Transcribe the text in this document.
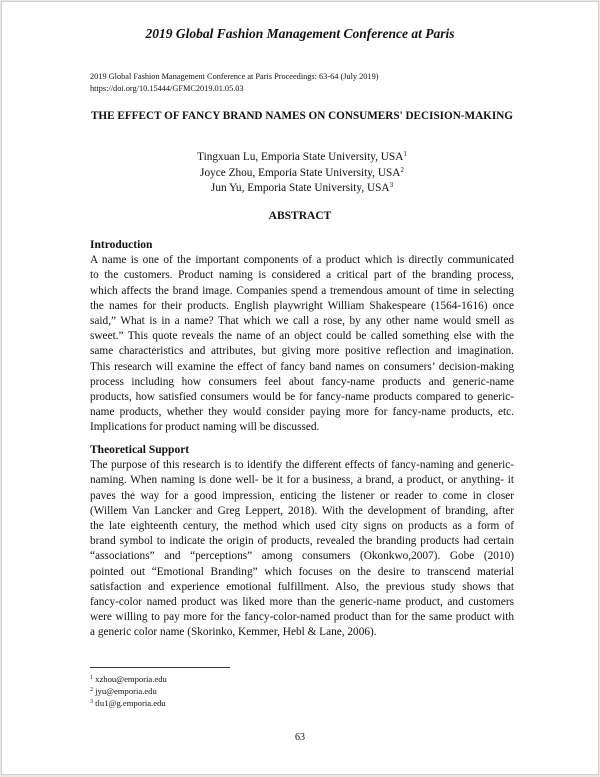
2019 Global Fashion Management Conference at Paris
2019 Global Fashion Management Conference at Paris Proceedings: 63-64 (July 2019)
https://doi.org/10.15444/GFMC2019.01.05.03
THE EFFECT OF FANCY BRAND NAMES ON CONSUMERS' DECISION-MAKING
Tingxuan Lu, Emporia State University, USA$^1$
Joyce Zhou, Emporia State University, USA$^2$
Jun Yu, Emporia State University, USA$^3$
ABSTRACT
Introduction
A name is one of the important components of a product which is directly communicated
to the customers. Product naming is considered a critical part of the branding process,
which affects the brand image. Companies spend a tremendous amount of time in selecting
the names for their products. English playwright William Shakespeare (1564-1616) once
said,” What is in a name? That which we call a rose, by any other name would smell as
sweet.” This quote reveals the name of an object could be called something else with the
same characteristics and attributes, but giving more positive reflection and imagination.
This research will examine the effect of fancy band names on consumers’ decision-making
process including how consumers feel about fancy-name products and generic-name
products, how satisfied consumers would be for fancy-name products compared to generic-
name products, whether they would consider paying more for fancy-name products, etc.
Implications for product naming will be discussed.
Theoretical Support
The purpose of this research is to identify the different effects of fancy-naming and generic-
naming. When naming is done well- be it for a business, a brand, a product, or anything- it
paves the way for a good impression, enticing the listener or reader to come in closer
(Willem Van Lancker and Greg Leppert, 2018). With the development of branding, after
the late eighteenth century, the method which used city signs on products as a form of
brand symbol to indicate the origin of products, revealed the branding products had certain
“associations” and “perceptions” among consumers (Okonkwo,2007). Gobe (2010)
pointed out “Emotional Branding” which focuses on the desire to transcend material
satisfaction and experience emotional fulfillment. Also, the previous study shows that
fancy-color named product was liked more than the generic-name product, and customers
were willing to pay more for the fancy-color-named product than for the same product with
a generic color name (Skorinko, Kemmer, Hebl & Lane, 2006).
$^1$ xzhou@emporia.edu
$^2$ jyu@emporia.edu
$^3$ tlu1@g.emporia.edu
63
